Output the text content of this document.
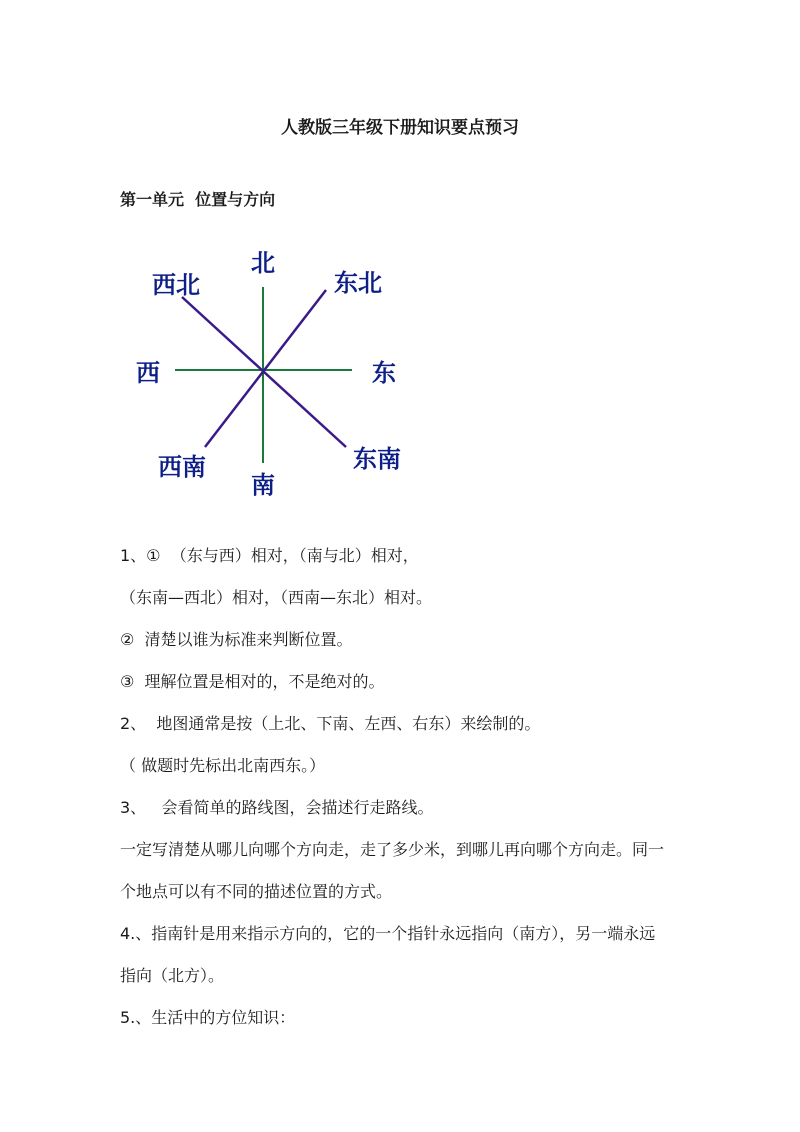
人教版三年级下册知识要点预习
第一单元  位置与方向
北
东北
东
东南
南
西南
西
西北
1、①  （东与西）相对，（南与北）相对，
（东南—西北）相对，（西南—东北）相对。
②  清楚以谁为标准来判断位置。
③  理解位置是相对的，不是绝对的。
2、  地图通常是按（上北、下南、左西、右东）来绘制的。
（ 做题时先标出北南西东。）
3、   会看简单的路线图，会描述行走路线。
一定写清楚从哪儿向哪个方向走，走了多少米，到哪儿再向哪个方向走。同一
个地点可以有不同的描述位置的方式。
4.、指南针是用来指示方向的，它的一个指针永远指向（南方），另一端永远
指向（北方）。
5.、生活中的方位知识：
